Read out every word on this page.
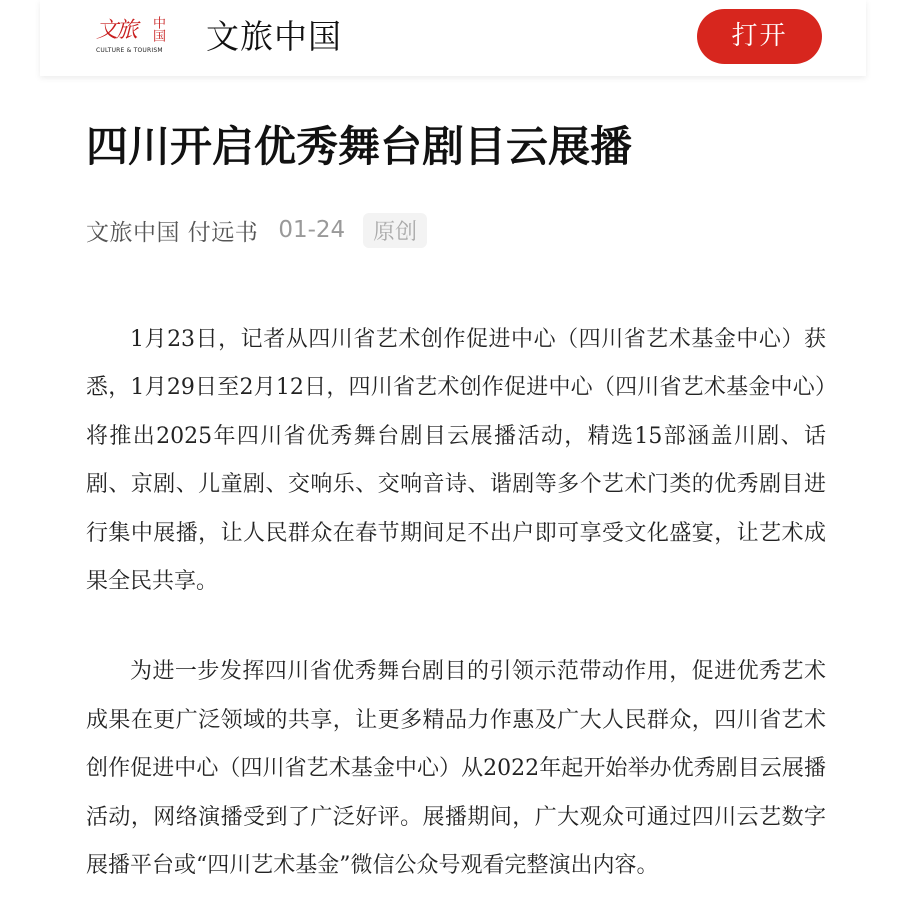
文旅 中国
CULTURE & TOURISM 文旅中国	打开
四川开启优秀舞台剧目云展播
文旅中国 付远书 01-24	原创

1月23日，记者从四川省艺术创作促进中心（四川省艺术基金中心）获悉，1月29日至2月12日，四川省艺术创作促进中心（四川省艺术基金中心）将推出2025年四川省优秀舞台剧目云展播活动，精选15部涵盖川剧、话剧、京剧、儿童剧、交响乐、交响音诗、谐剧等多个艺术门类的优秀剧目进行集中展播，让人民群众在春节期间足不出户即可享受文化盛宴，让艺术成果全民共享。

为进一步发挥四川省优秀舞台剧目的引领示范带动作用，促进优秀艺术成果在更广泛领域的共享，让更多精品力作惠及广大人民群众，四川省艺术创作促进中心（四川省艺术基金中心）从2022年起开始举办优秀剧目云展播活动，网络演播受到了广泛好评。展播期间，广大观众可通过四川云艺数字展播平台或“四川艺术基金”微信公众号观看完整演出内容。
